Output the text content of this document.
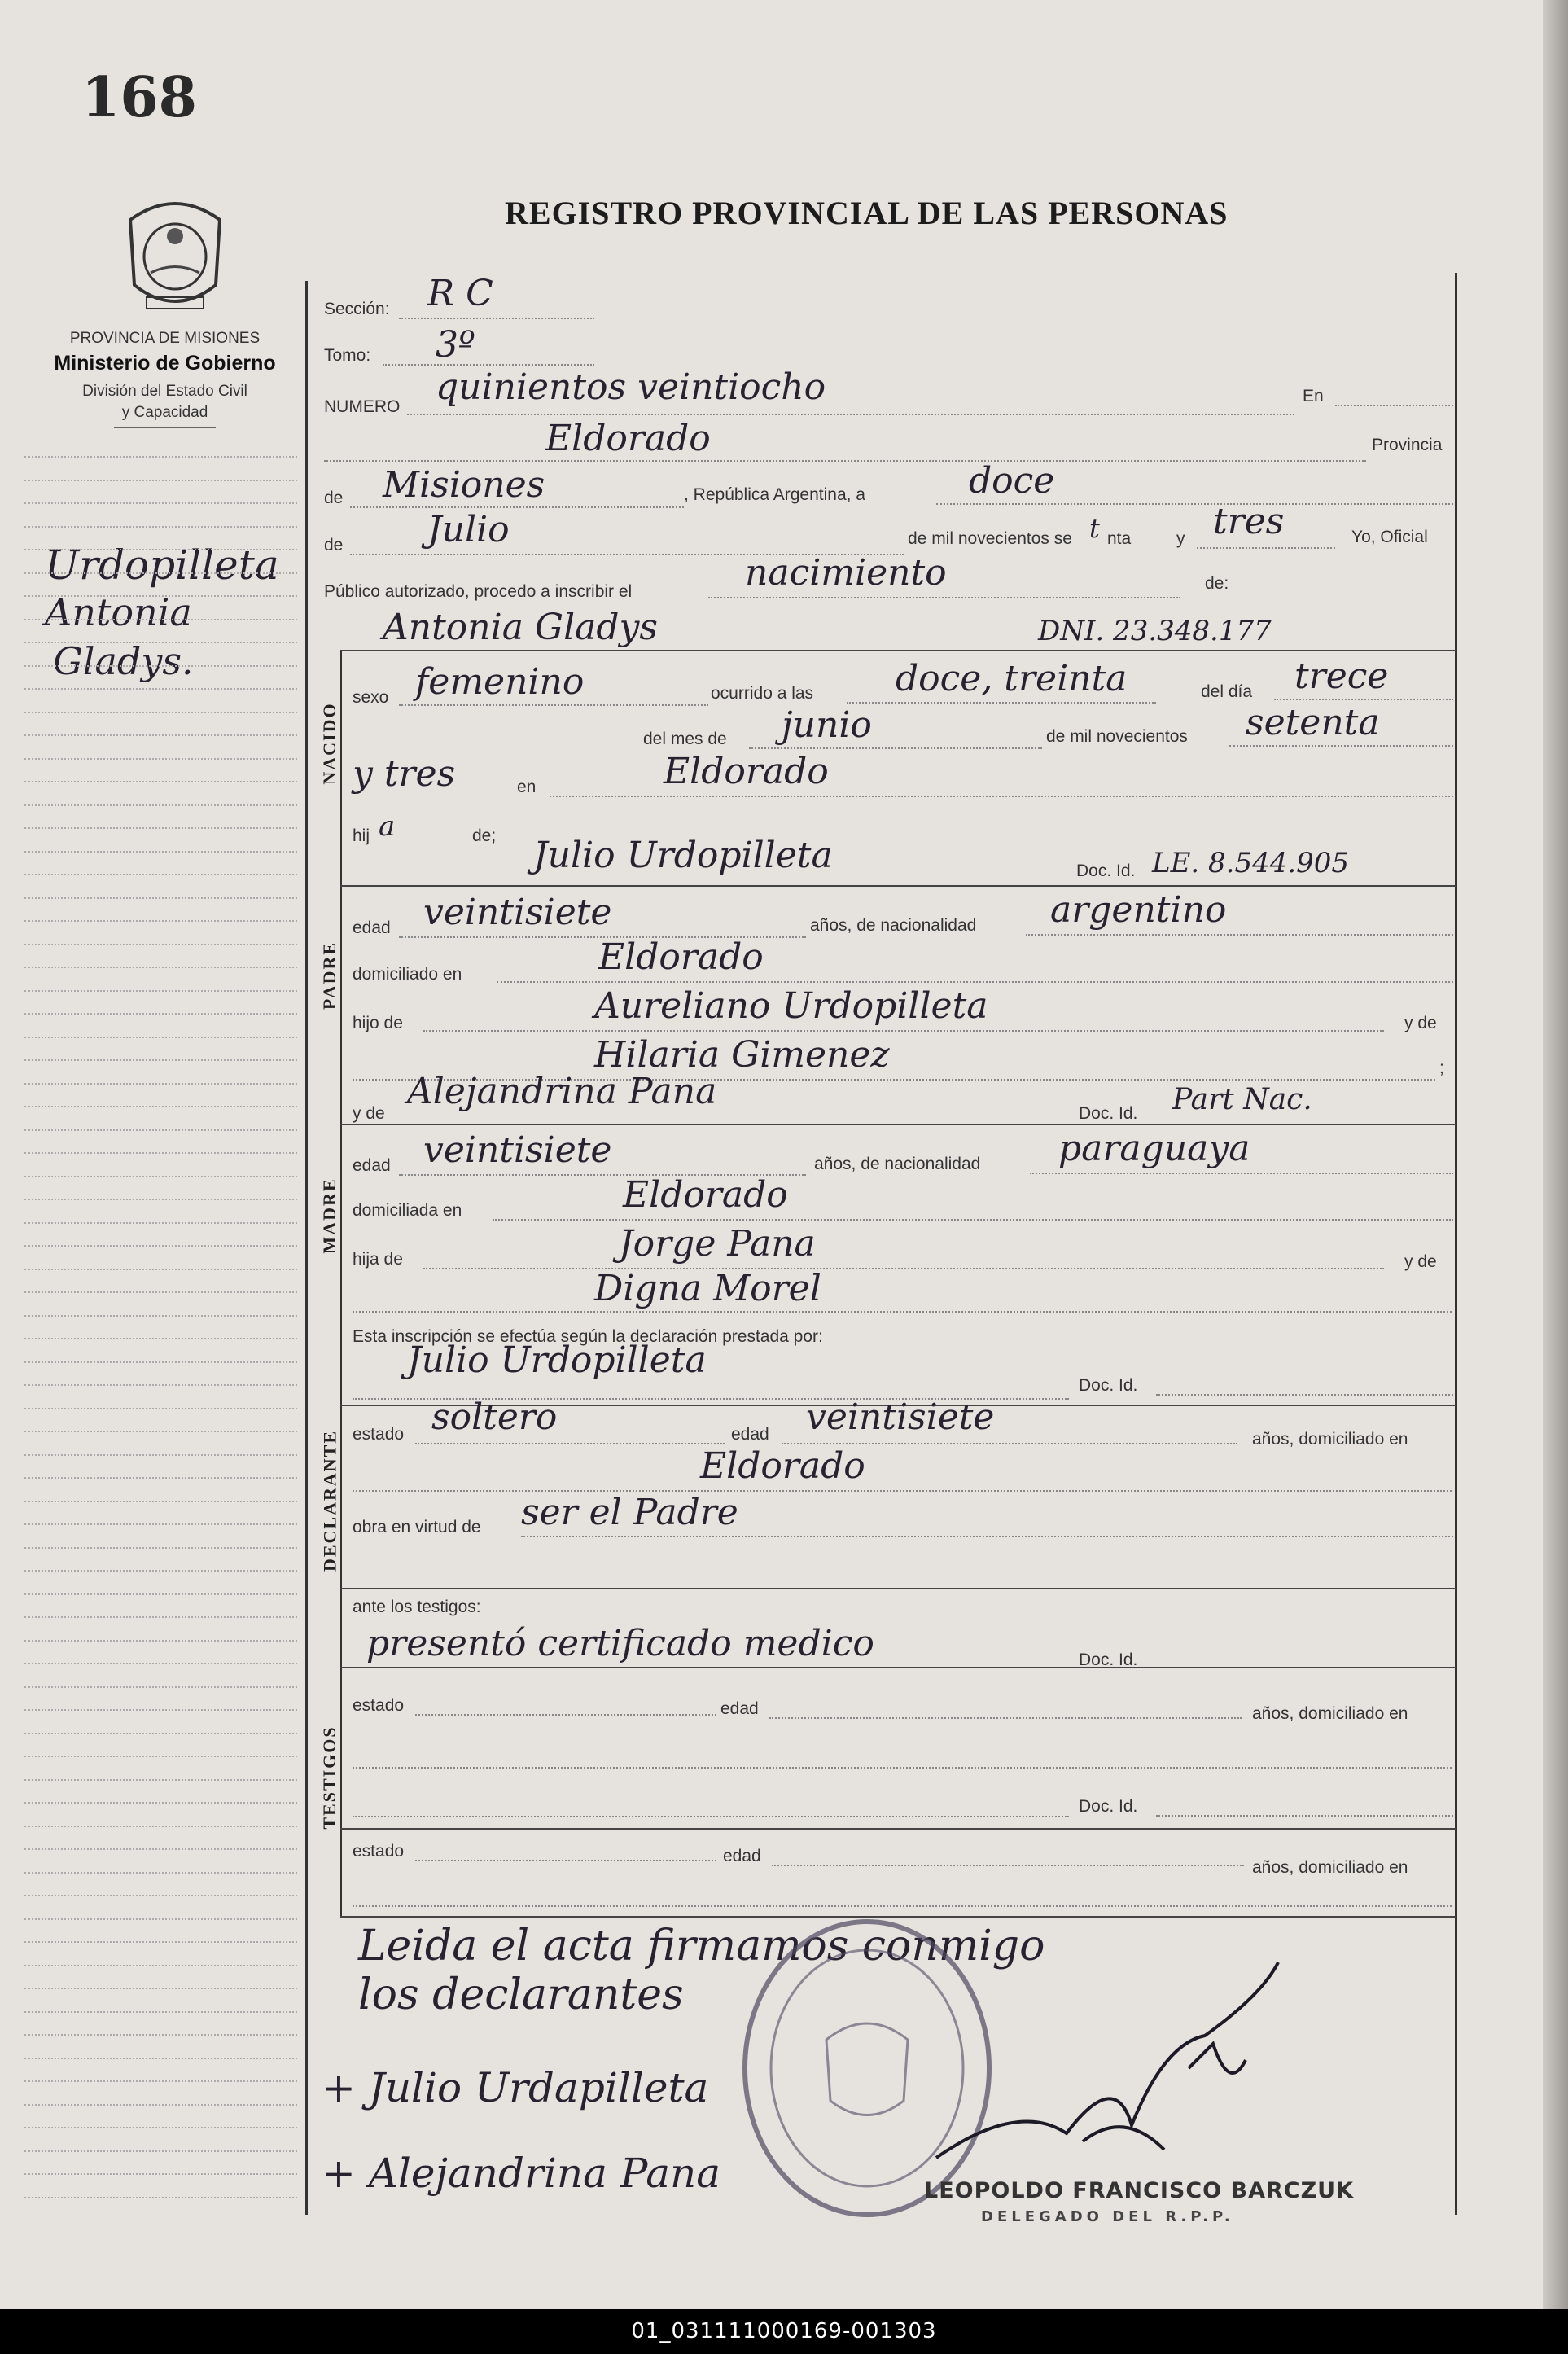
168
REGISTRO PROVINCIAL DE LAS PERSONAS
PROVINCIA DE MISIONES
Ministerio de Gobierno
División del Estado Civil
y Capacidad
Urdopilleta
Antonia
Gladys.
NACIDO
PADRE
MADRE
DECLARANTE
TESTIGOS
Sección: R C
Tomo: 3º
NUMERO quinientos veintiocho	En
Eldorado	Provincia
de Misiones	, República Argentina, a	doce
de Julio	de mil novecientos se t nta	y tres	Yo, Oficial
Público autorizado, procedo a inscribir el	nacimiento	de:
Antonia Gladys	DNI. 23.348.177
sexo femenino	ocurrido a las doce, treinta	del día trece
del mes de junio	de mil novecientos setenta
y tres	en	Eldorado
hij a	de; Julio Urdopilleta	Doc. Id. LE. 8.544.905
edad veintisiete	años, de nacionalidad argentino
domiciliado en	Eldorado
hijo de	Aureliano Urdopilleta	y de
Hilaria Gimenez	;
y de
Alejandrina Pana
Doc. Id. Part Nac.
edad veintisiete	años, de nacionalidad paraguaya
domiciliada en	Eldorado
hija de	Jorge Pana	y de
Digna Morel
Esta inscripción se efectúa según la declaración prestada por:
Julio Urdopilleta
Doc. Id.
estado soltero	edad veintisiete
años, domiciliado en
Eldorado
obra en virtud de ser el Padre
ante los testigos:
presentó certificado medico	Doc. Id.
estado	edad	años, domiciliado en
Doc. Id.
estado	edad
años, domiciliado en
Leida el acta firmamos conmigo
los declarantes
+ Julio Urdapilleta
+ Alejandrina Pana	LEOPOLDO FRANCISCO BARCZUK
DELEGADO DEL R.P.P.
01_031111000169-001303
